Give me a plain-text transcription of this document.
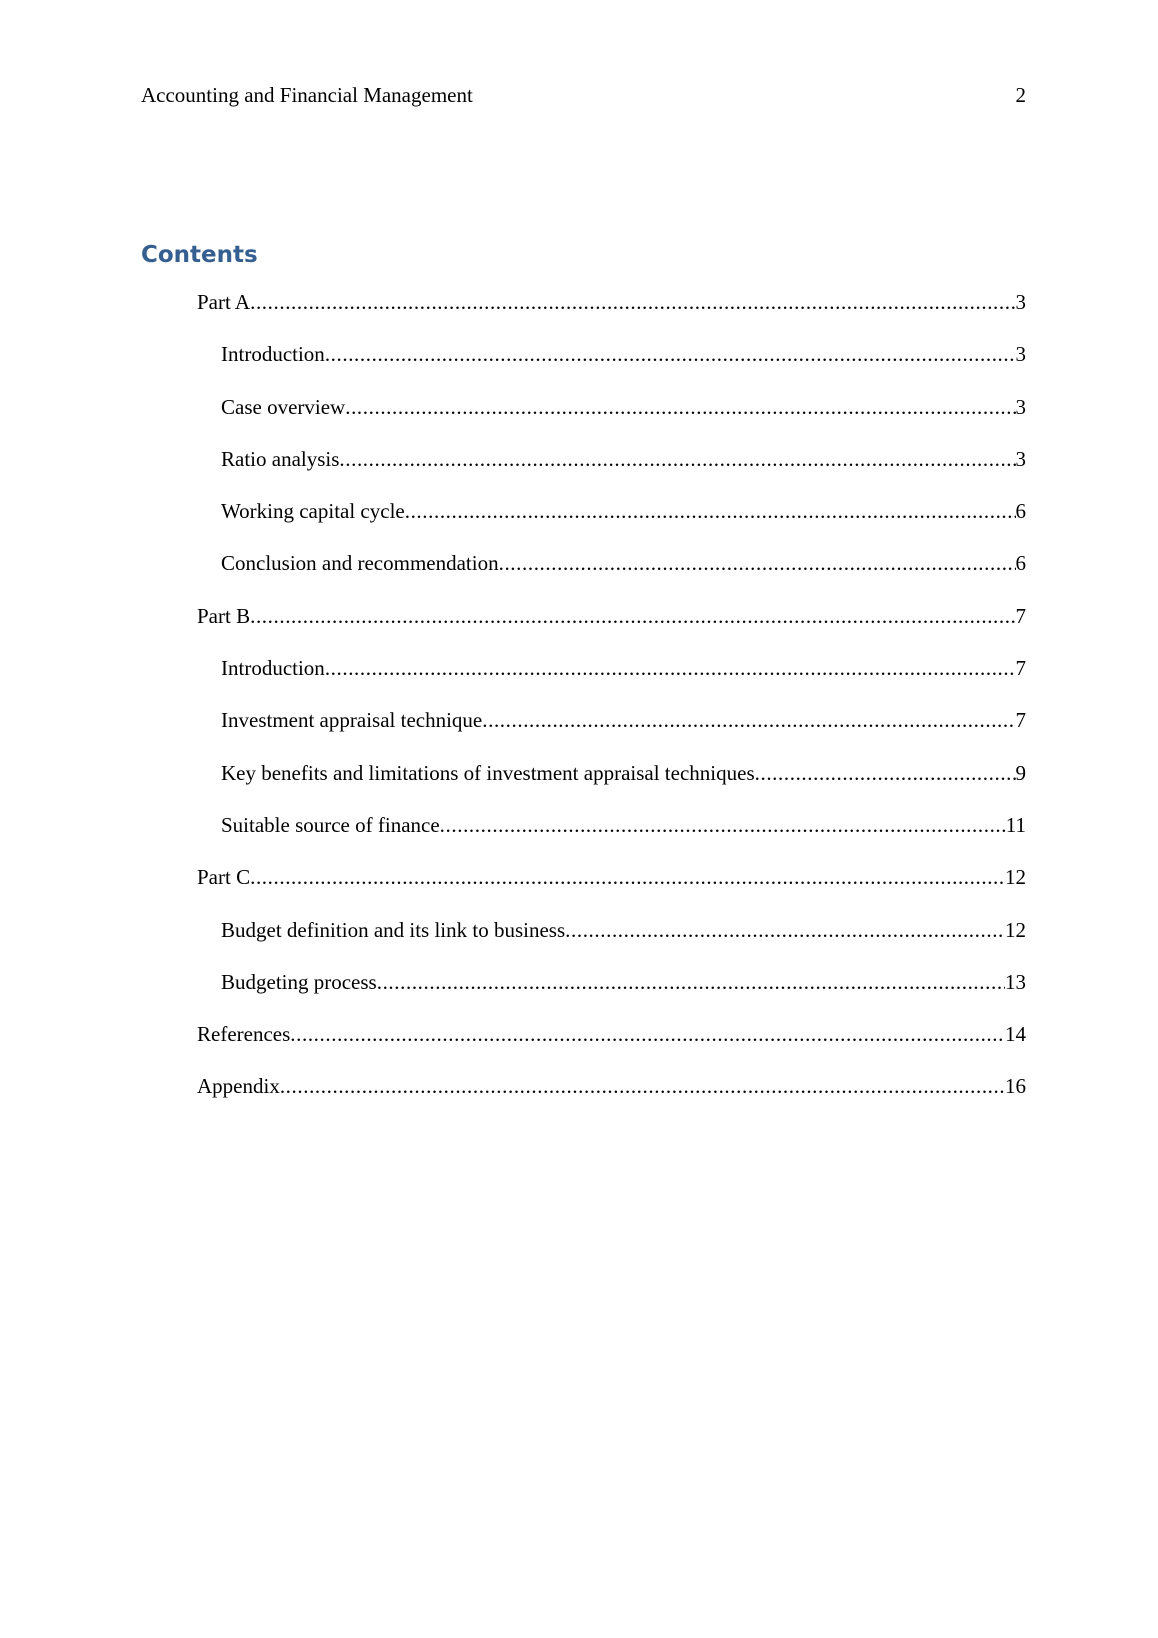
Accounting and Financial Management	2
Contents
Part A .....	3
Introduction .....	3
Case overview .....	3
Ratio analysis .....	3
Working capital cycle .....	6
Conclusion and recommendation .....	6
Part B .....	7
Introduction .....	7
Investment appraisal technique .....	7
Key benefits and limitations of investment appraisal techniques .....	9
Suitable source of finance .....	11
Part C .....	12
Budget definition and its link to business .....	12
Budgeting process .....	13
References .....	14
Appendix .....	16
